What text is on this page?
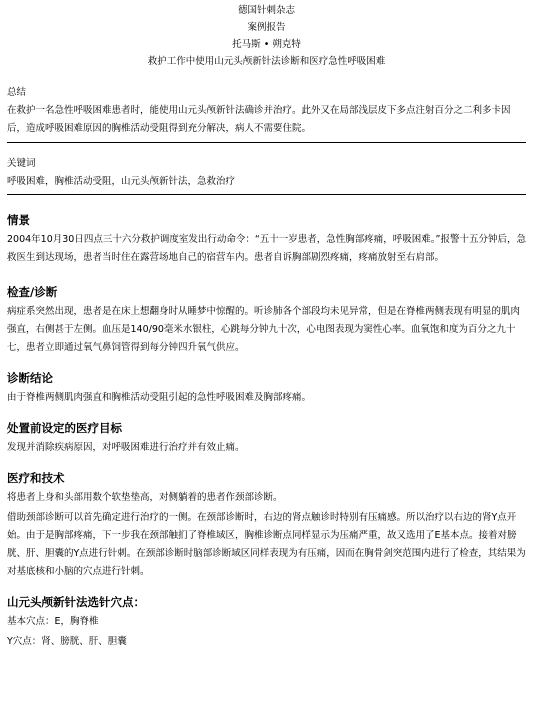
德国针刺杂志
案例报告
托马斯 • 朔克特
救护工作中使用山元头颅新针法诊断和医疗急性呼吸困难
总结

在救护一名急性呼吸困难患者时，能使用山元头颅新针法确诊并治疗。此外又在局部浅层皮下多点注射百分之二利多卡因后，造成呼吸困难原因的胸椎活动受阻得到充分解决，病人不需要住院。

关键词

呼吸困难，胸椎活动受阻，山元头颅新针法，急救治疗

情景

2004年10月30日四点三十六分救护调度室发出行动命令：“五十一岁患者，急性胸部疼痛，呼吸困难。”报警十五分钟后，急救医生到达现场，患者当时住在露营场地自己的宿营车内。患者自诉胸部剧烈疼痛，疼痛放射至右肩部。

检查/诊断

病症系突然出现，患者是在床上想翻身时从睡梦中惊醒的。听诊肺各个部段均未见异常，但是在脊椎两侧表现有明显的肌肉强直，右侧甚于左侧。血压是140/90毫米水银柱，心跳每分钟九十次，心电图表现为窦性心率。血氧饱和度为百分之九十七，患者立即通过氧气鼻饲管得到每分钟四升氧气供应。

诊断结论

由于脊椎两侧肌肉强直和胸椎活动受阻引起的急性呼吸困难及胸部疼痛。

处置前设定的医疗目标

发现并消除疾病原因，对呼吸困难进行治疗并有效止痛。

医疗和技术

将患者上身和头部用数个软垫垫高，对侧躺着的患者作颈部诊断。

借助颈部诊断可以首先确定进行治疗的一侧。在颈部诊断时，右边的肾点触诊时特别有压痛感。所以治疗以右边的肾Y点开始。由于是胸部疼痛，下一步我在颈部触扪了脊椎域区，胸椎诊断点同样显示为压痛严重，故又选用了E基本点。接着对膀胱、肝、胆囊的Y点进行针刺。在颈部诊断时脑部诊断域区同样表现为有压痛，因而在胸骨剑突范围内进行了检查，其结果为对基底核和小脑的穴点进行针刺。

山元头颅新针法选针穴点：

基本穴点：E，胸脊椎

Y穴点：肾、膀胱、肝、胆囊
